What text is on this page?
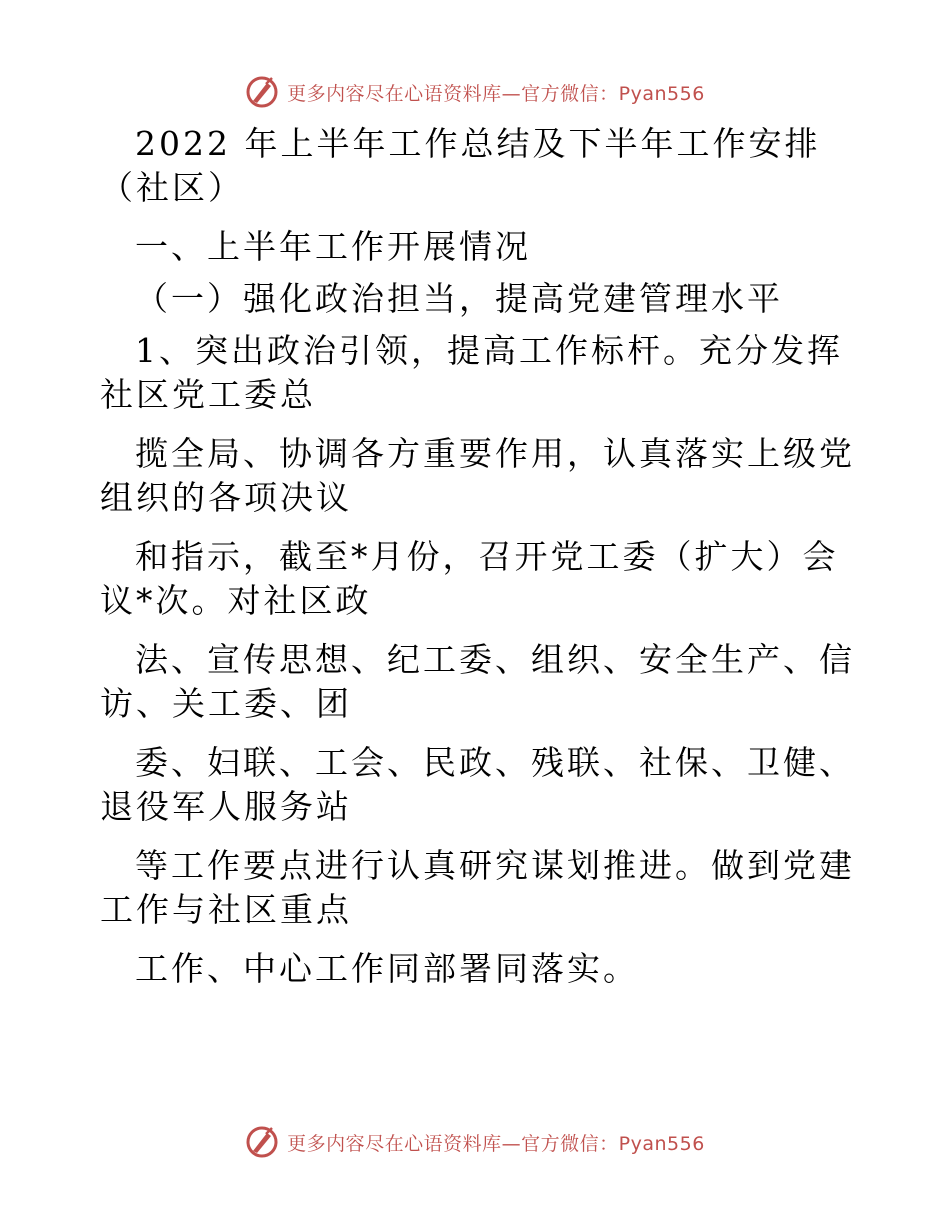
更多内容尽在心语资料库—官方微信：Pyan556

2022 年上半年工作总结及下半年工作安排（社区）

一、上半年工作开展情况

（一）强化政治担当，提高党建管理水平

1、突出政治引领，提高工作标杆。充分发挥社区党工委总

揽全局、协调各方重要作用，认真落实上级党组织的各项决议

和指示，截至*月份，召开党工委（扩大）会议*次。对社区政

法、宣传思想、纪工委、组织、安全生产、信访、关工委、团

委、妇联、工会、民政、残联、社保、卫健、退役军人服务站

等工作要点进行认真研究谋划推进。做到党建工作与社区重点

工作、中心工作同部署同落实。

更多内容尽在心语资料库—官方微信：Pyan556
